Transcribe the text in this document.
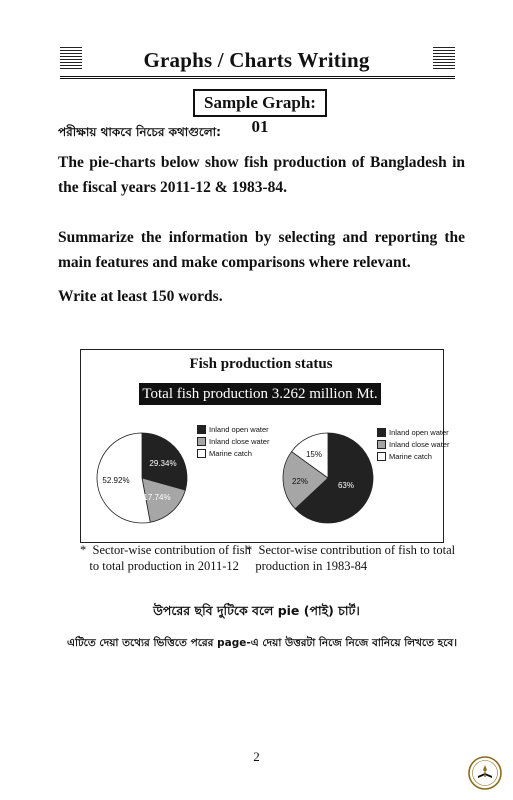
Graphs / Charts Writing
Sample Graph: 01
পরীক্ষায় থাকবে নিচের কথাগুলো:
The pie-charts below show fish production of Bangladesh in the fiscal years 2011-12 & 1983-84.
Summarize the information by selecting and reporting the main features and make comparisons where relevant.
Write at least 150 words.
Fish production status
Total fish production 3.262 million Mt.
29.34%
17.74%
52.92%
Inland open water
Inland close water
Marine catch
63%
22%
15%
Inland open water
Inland close water
Marine catch
*  Sector-wise contribution of fish
to total production in 2011-12
*  Sector-wise contribution of fish to total
production in 1983-84
উপরের ছবি দুটিকে বলে pie (পাই) চার্ট।
এটিতে দেয়া তথ্যের ভিত্তিতে পরের page-এ দেয়া উত্তরটা নিজে নিজে বানিয়ে লিখতে হবে।
2
